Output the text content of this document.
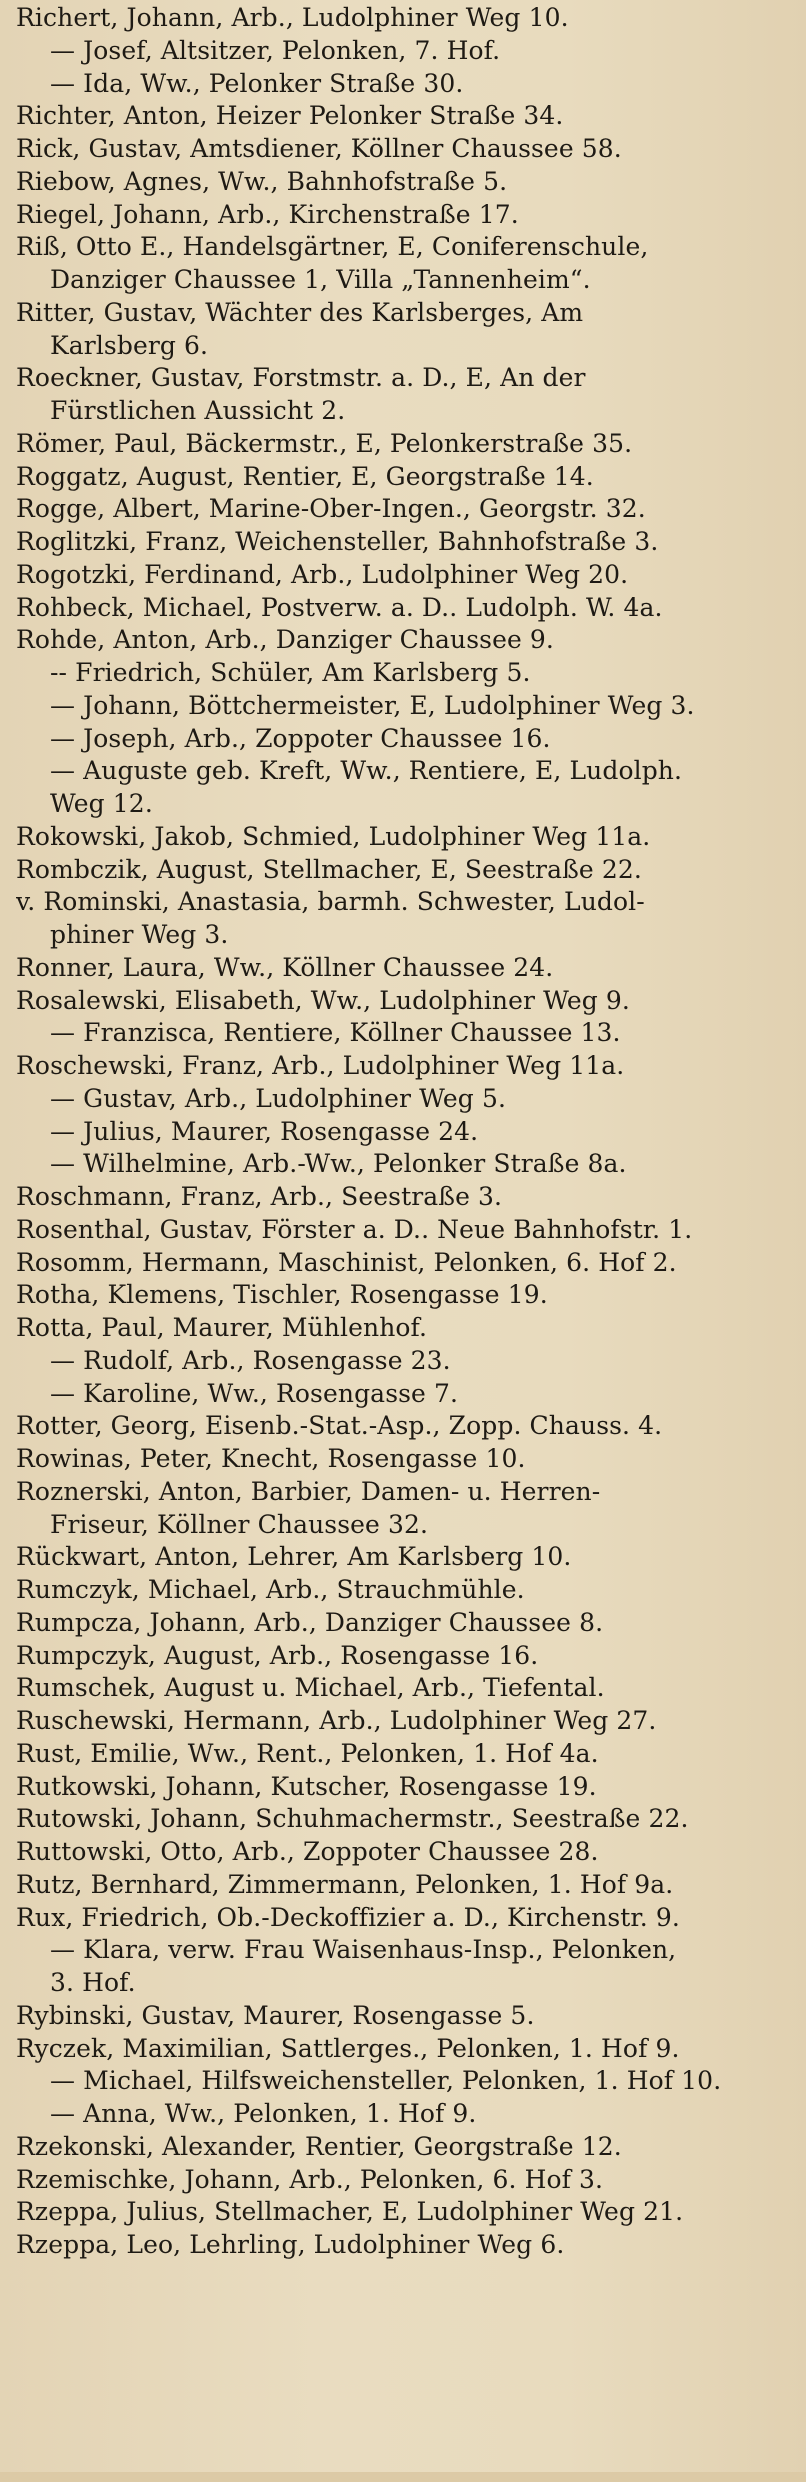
Richert, Johann, Arb., Ludolphiner Weg 10.
— Josef, Altsitzer, Pelonken, 7. Hof.
— Ida, Ww., Pelonker Straße 30.
Richter, Anton, Heizer Pelonker Straße 34.
Rick, Gustav, Amtsdiener, Köllner Chaussee 58.
Riebow, Agnes, Ww., Bahnhofstraße 5.
Riegel, Johann, Arb., Kirchenstraße 17.
Riß, Otto E., Handelsgärtner, E, Coniferenschule,
Danziger Chaussee 1, Villa „Tannenheim“.
Ritter, Gustav, Wächter des Karlsberges, Am
Karlsberg 6.
Roeckner, Gustav, Forstmstr. a. D., E, An der
Fürstlichen Aussicht 2.
Römer, Paul, Bäckermstr., E, Pelonkerstraße 35.
Roggatz, August, Rentier, E, Georgstraße 14.
Rogge, Albert, Marine-Ober-Ingen., Georgstr. 32.
Roglitzki, Franz, Weichensteller, Bahnhofstraße 3.
Rogotzki, Ferdinand, Arb., Ludolphiner Weg 20.
Rohbeck, Michael, Postverw. a. D.. Ludolph. W. 4a.
Rohde, Anton, Arb., Danziger Chaussee 9.
-- Friedrich, Schüler, Am Karlsberg 5.
— Johann, Böttchermeister, E, Ludolphiner Weg 3.
— Joseph, Arb., Zoppoter Chaussee 16.
— Auguste geb. Kreft, Ww., Rentiere, E, Ludolph.
Weg 12.
Rokowski, Jakob, Schmied, Ludolphiner Weg 11a.
Rombczik, August, Stellmacher, E, Seestraße 22.
v. Rominski, Anastasia, barmh. Schwester, Ludol-
phiner Weg 3.
Ronner, Laura, Ww., Köllner Chaussee 24.
Rosalewski, Elisabeth, Ww., Ludolphiner Weg 9.
— Franzisca, Rentiere, Köllner Chaussee 13.
Roschewski, Franz, Arb., Ludolphiner Weg 11a.
— Gustav, Arb., Ludolphiner Weg 5.
— Julius, Maurer, Rosengasse 24.
— Wilhelmine, Arb.-Ww., Pelonker Straße 8a.
Roschmann, Franz, Arb., Seestraße 3.
Rosenthal, Gustav, Förster a. D.. Neue Bahnhofstr. 1.
Rosomm, Hermann, Maschinist, Pelonken, 6. Hof 2.
Rotha, Klemens, Tischler, Rosengasse 19.
Rotta, Paul, Maurer, Mühlenhof.
— Rudolf, Arb., Rosengasse 23.
— Karoline, Ww., Rosengasse 7.
Rotter, Georg, Eisenb.-Stat.-Asp., Zopp. Chauss. 4.
Rowinas, Peter, Knecht, Rosengasse 10.
Roznerski, Anton, Barbier, Damen- u. Herren-
Friseur, Köllner Chaussee 32.
Rückwart, Anton, Lehrer, Am Karlsberg 10.
Rumczyk, Michael, Arb., Strauchmühle.
Rumpcza, Johann, Arb., Danziger Chaussee 8.
Rumpczyk, August, Arb., Rosengasse 16.
Rumschek, August u. Michael, Arb., Tiefental.
Ruschewski, Hermann, Arb., Ludolphiner Weg 27.
Rust, Emilie, Ww., Rent., Pelonken, 1. Hof 4a.
Rutkowski, Johann, Kutscher, Rosengasse 19.
Rutowski, Johann, Schuhmachermstr., Seestraße 22.
Ruttowski, Otto, Arb., Zoppoter Chaussee 28.
Rutz, Bernhard, Zimmermann, Pelonken, 1. Hof 9a.
Rux, Friedrich, Ob.-Deckoffizier a. D., Kirchenstr. 9.
— Klara, verw. Frau Waisenhaus-Insp., Pelonken,
3. Hof.
Rybinski, Gustav, Maurer, Rosengasse 5.
Ryczek, Maximilian, Sattlerges., Pelonken, 1. Hof 9.
— Michael, Hilfsweichensteller, Pelonken, 1. Hof 10.
— Anna, Ww., Pelonken, 1. Hof 9.
Rzekonski, Alexander, Rentier, Georgstraße 12.
Rzemischke, Johann, Arb., Pelonken, 6. Hof 3.
Rzeppa, Julius, Stellmacher, E, Ludolphiner Weg 21.
Rzeppa, Leo, Lehrling, Ludolphiner Weg 6.
